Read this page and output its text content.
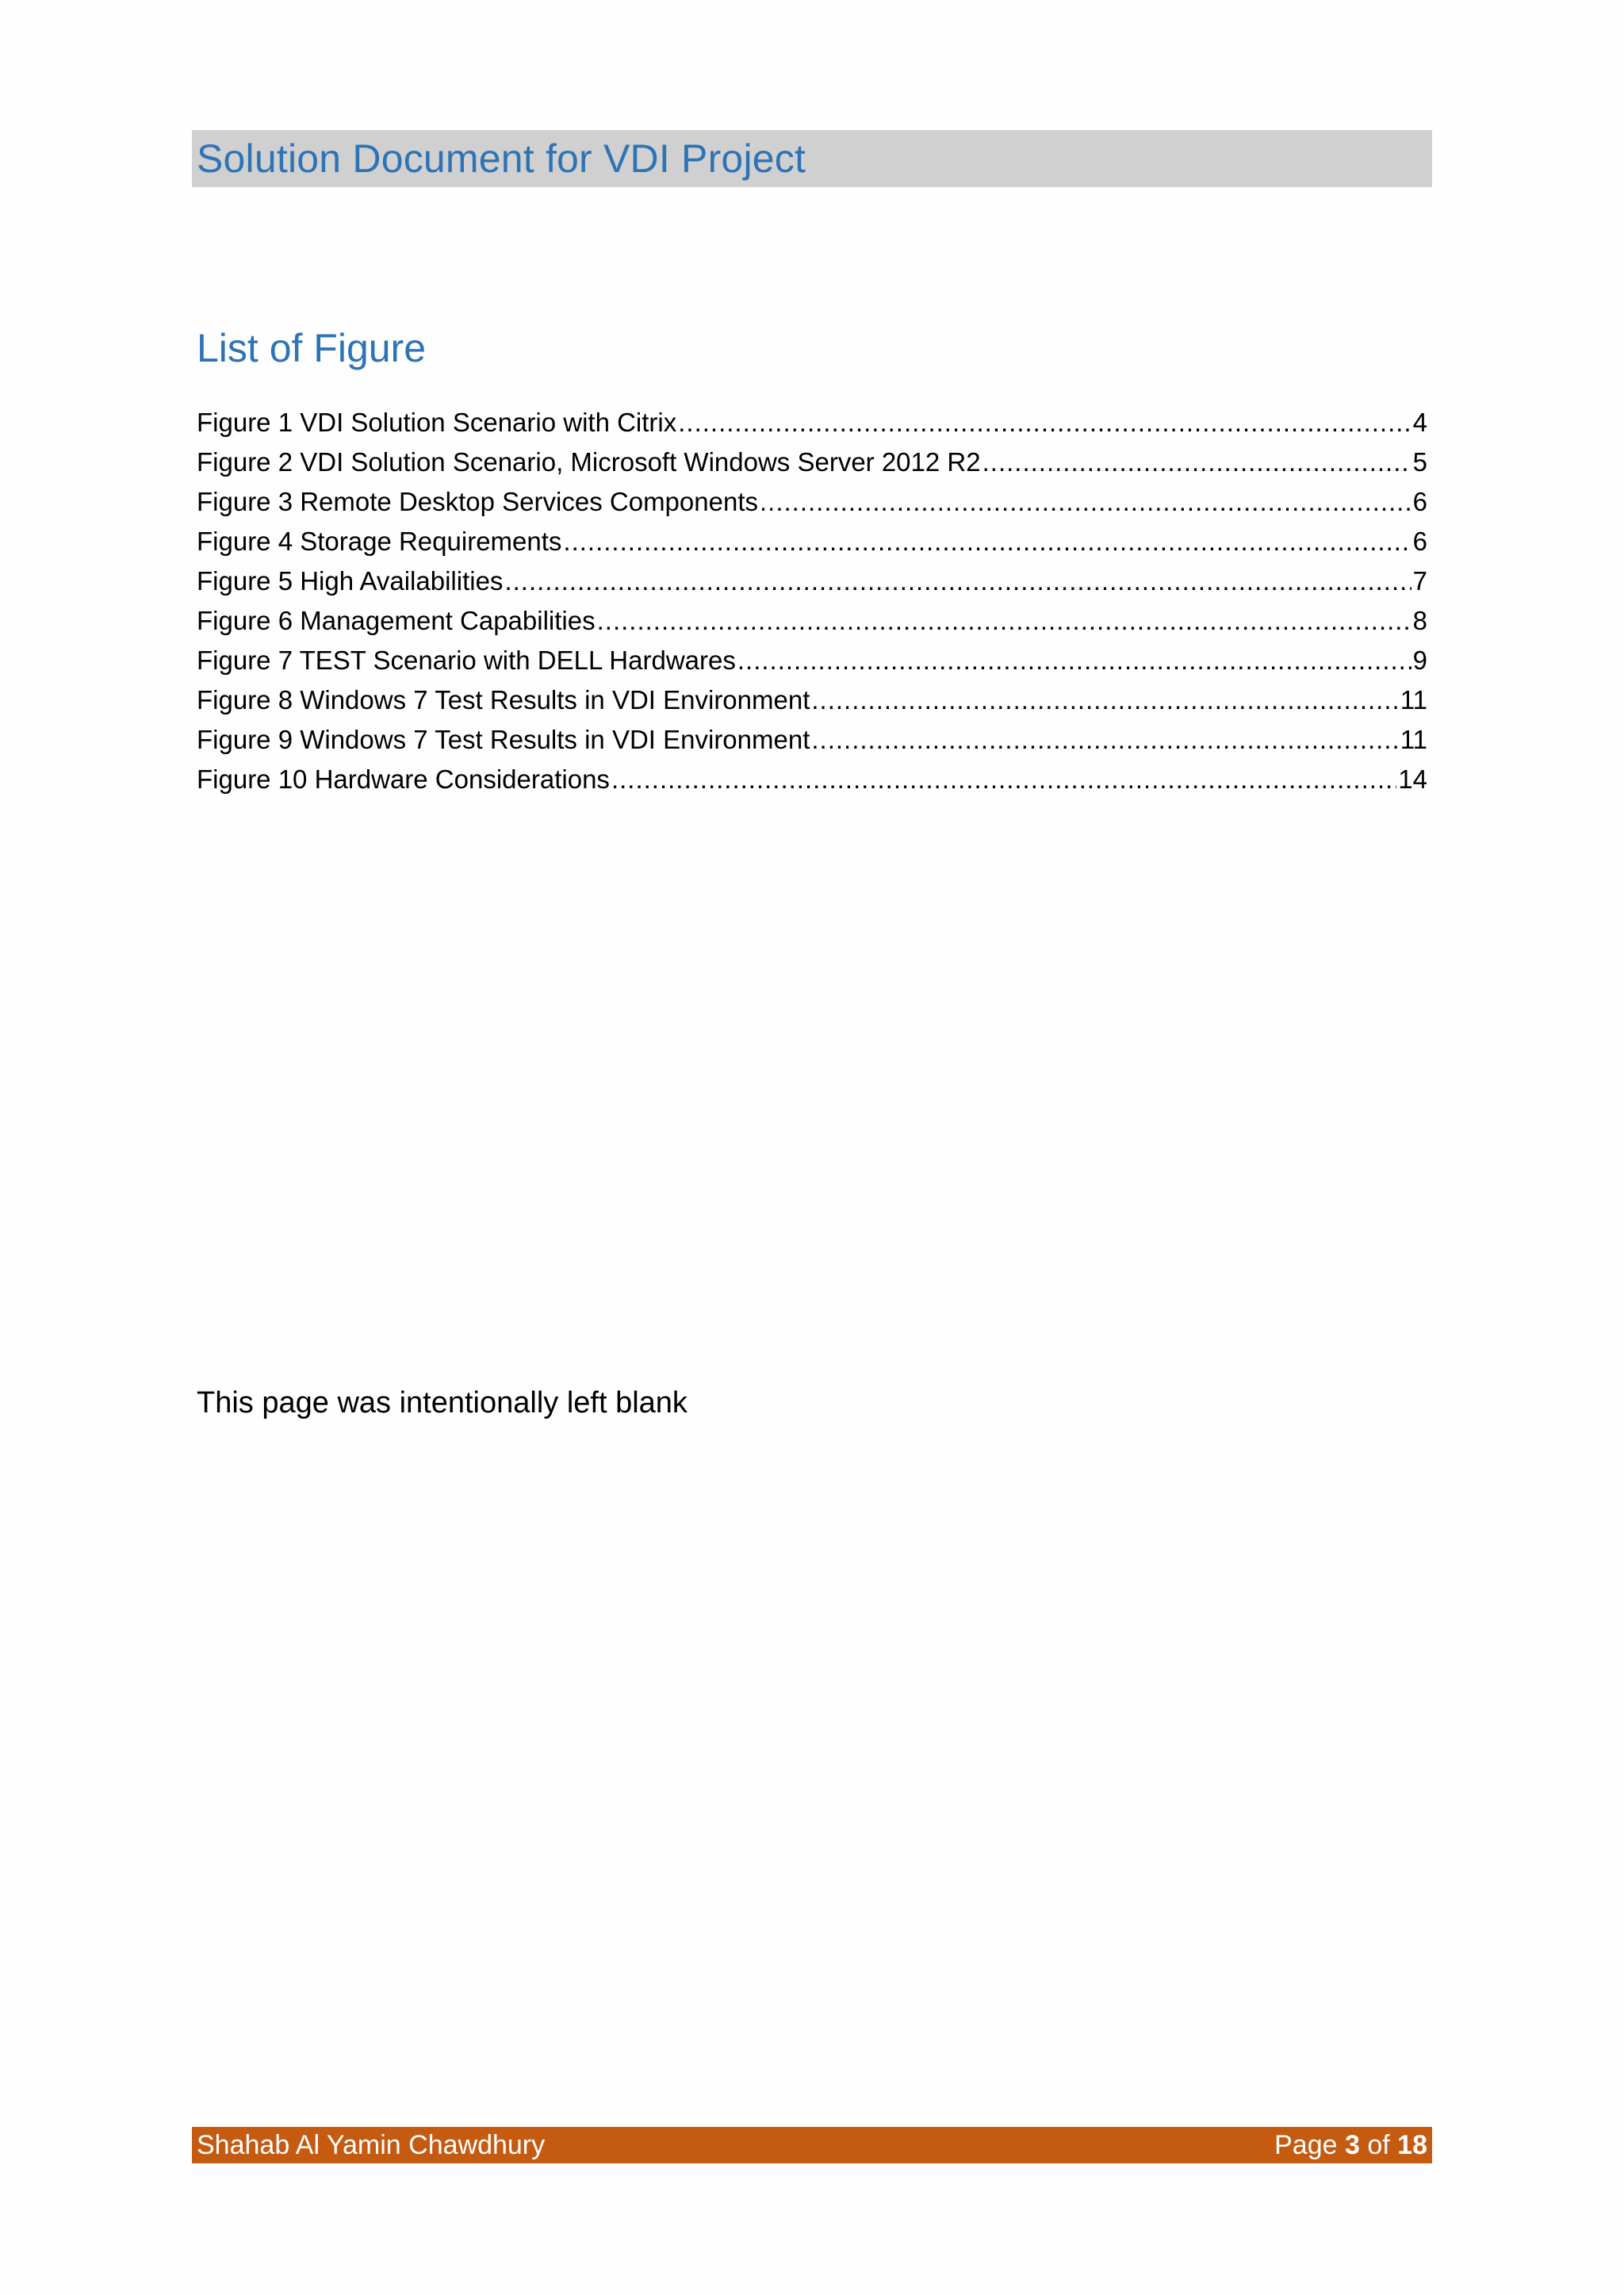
Solution Document for VDI Project
List of Figure
Figure 1 VDI Solution Scenario with Citrix .....	4
Figure 2 VDI Solution Scenario, Microsoft Windows Server 2012 R2 .....	5
Figure 3 Remote Desktop Services Components .....	6
Figure 4 Storage Requirements .....	6
Figure 5 High Availabilities .....	7
Figure 6 Management Capabilities .....	8
Figure 7 TEST Scenario with DELL Hardwares .....	9
Figure 8 Windows 7 Test Results in VDI Environment .....	11
Figure 9 Windows 7 Test Results in VDI Environment .....	11
Figure 10 Hardware Considerations .....	14
This page was intentionally left blank
Shahab Al Yamin Chawdhury	Page 3 of 18
